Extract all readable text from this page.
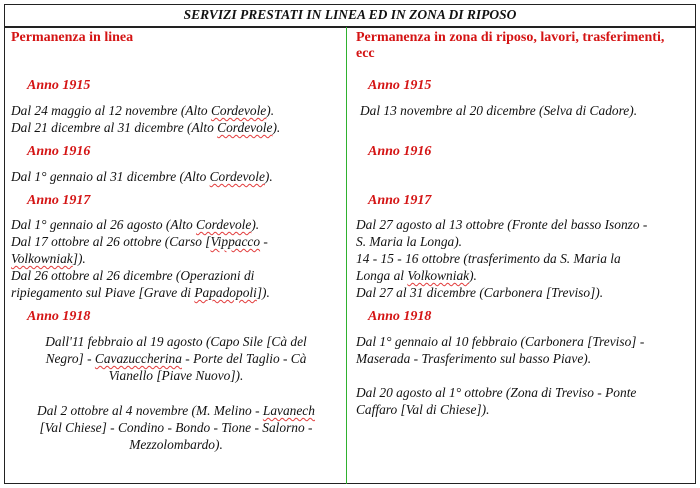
SERVIZI PRESTATI IN LINEA ED IN ZONA DI RIPOSO
Permanenza in linea
Anno 1915
Dal 24 maggio al 12 novembre (Alto Cordevole).
Dal 21 dicembre al 31 dicembre (Alto Cordevole).
Anno 1916
Dal 1° gennaio al 31 dicembre (Alto Cordevole).
Anno 1917
Dal 1° gennaio al 26 agosto (Alto Cordevole).
Dal 17 ottobre al 26 ottobre (Carso [Vippacco -
Volkowniak]).
Dal 26 ottobre al 26 dicembre (Operazioni di
ripiegamento sul Piave [Grave di Papadopoli]).
Anno 1918
Dall'11 febbraio al 19 agosto (Capo Sile [Cà del
Negro] - Cavazuccherina - Porte del Taglio - Cà
Vianello [Piave Nuovo]).
Dal 2 ottobre al 4 novembre (M. Melino - Lavanech
[Val Chiese] - Condino - Bondo - Tione - Salorno -
Mezzolombardo).
Permanenza in zona di riposo, lavori, trasferimenti,
ecc
Anno 1915
Dal 13 novembre al 20 dicembre (Selva di Cadore).
Anno 1916
Anno 1917
Dal 27 agosto al 13 ottobre (Fronte del basso Isonzo -
S. Maria la Longa).
14 - 15 - 16 ottobre (trasferimento da S. Maria la
Longa al Volkowniak).
Dal 27 al 31 dicembre (Carbonera [Treviso]).
Anno 1918
Dal 1° gennaio al 10 febbraio (Carbonera [Treviso] -
Maserada - Trasferimento sul basso Piave).
Dal 20 agosto al 1° ottobre (Zona di Treviso - Ponte
Caffaro [Val di Chiese]).
